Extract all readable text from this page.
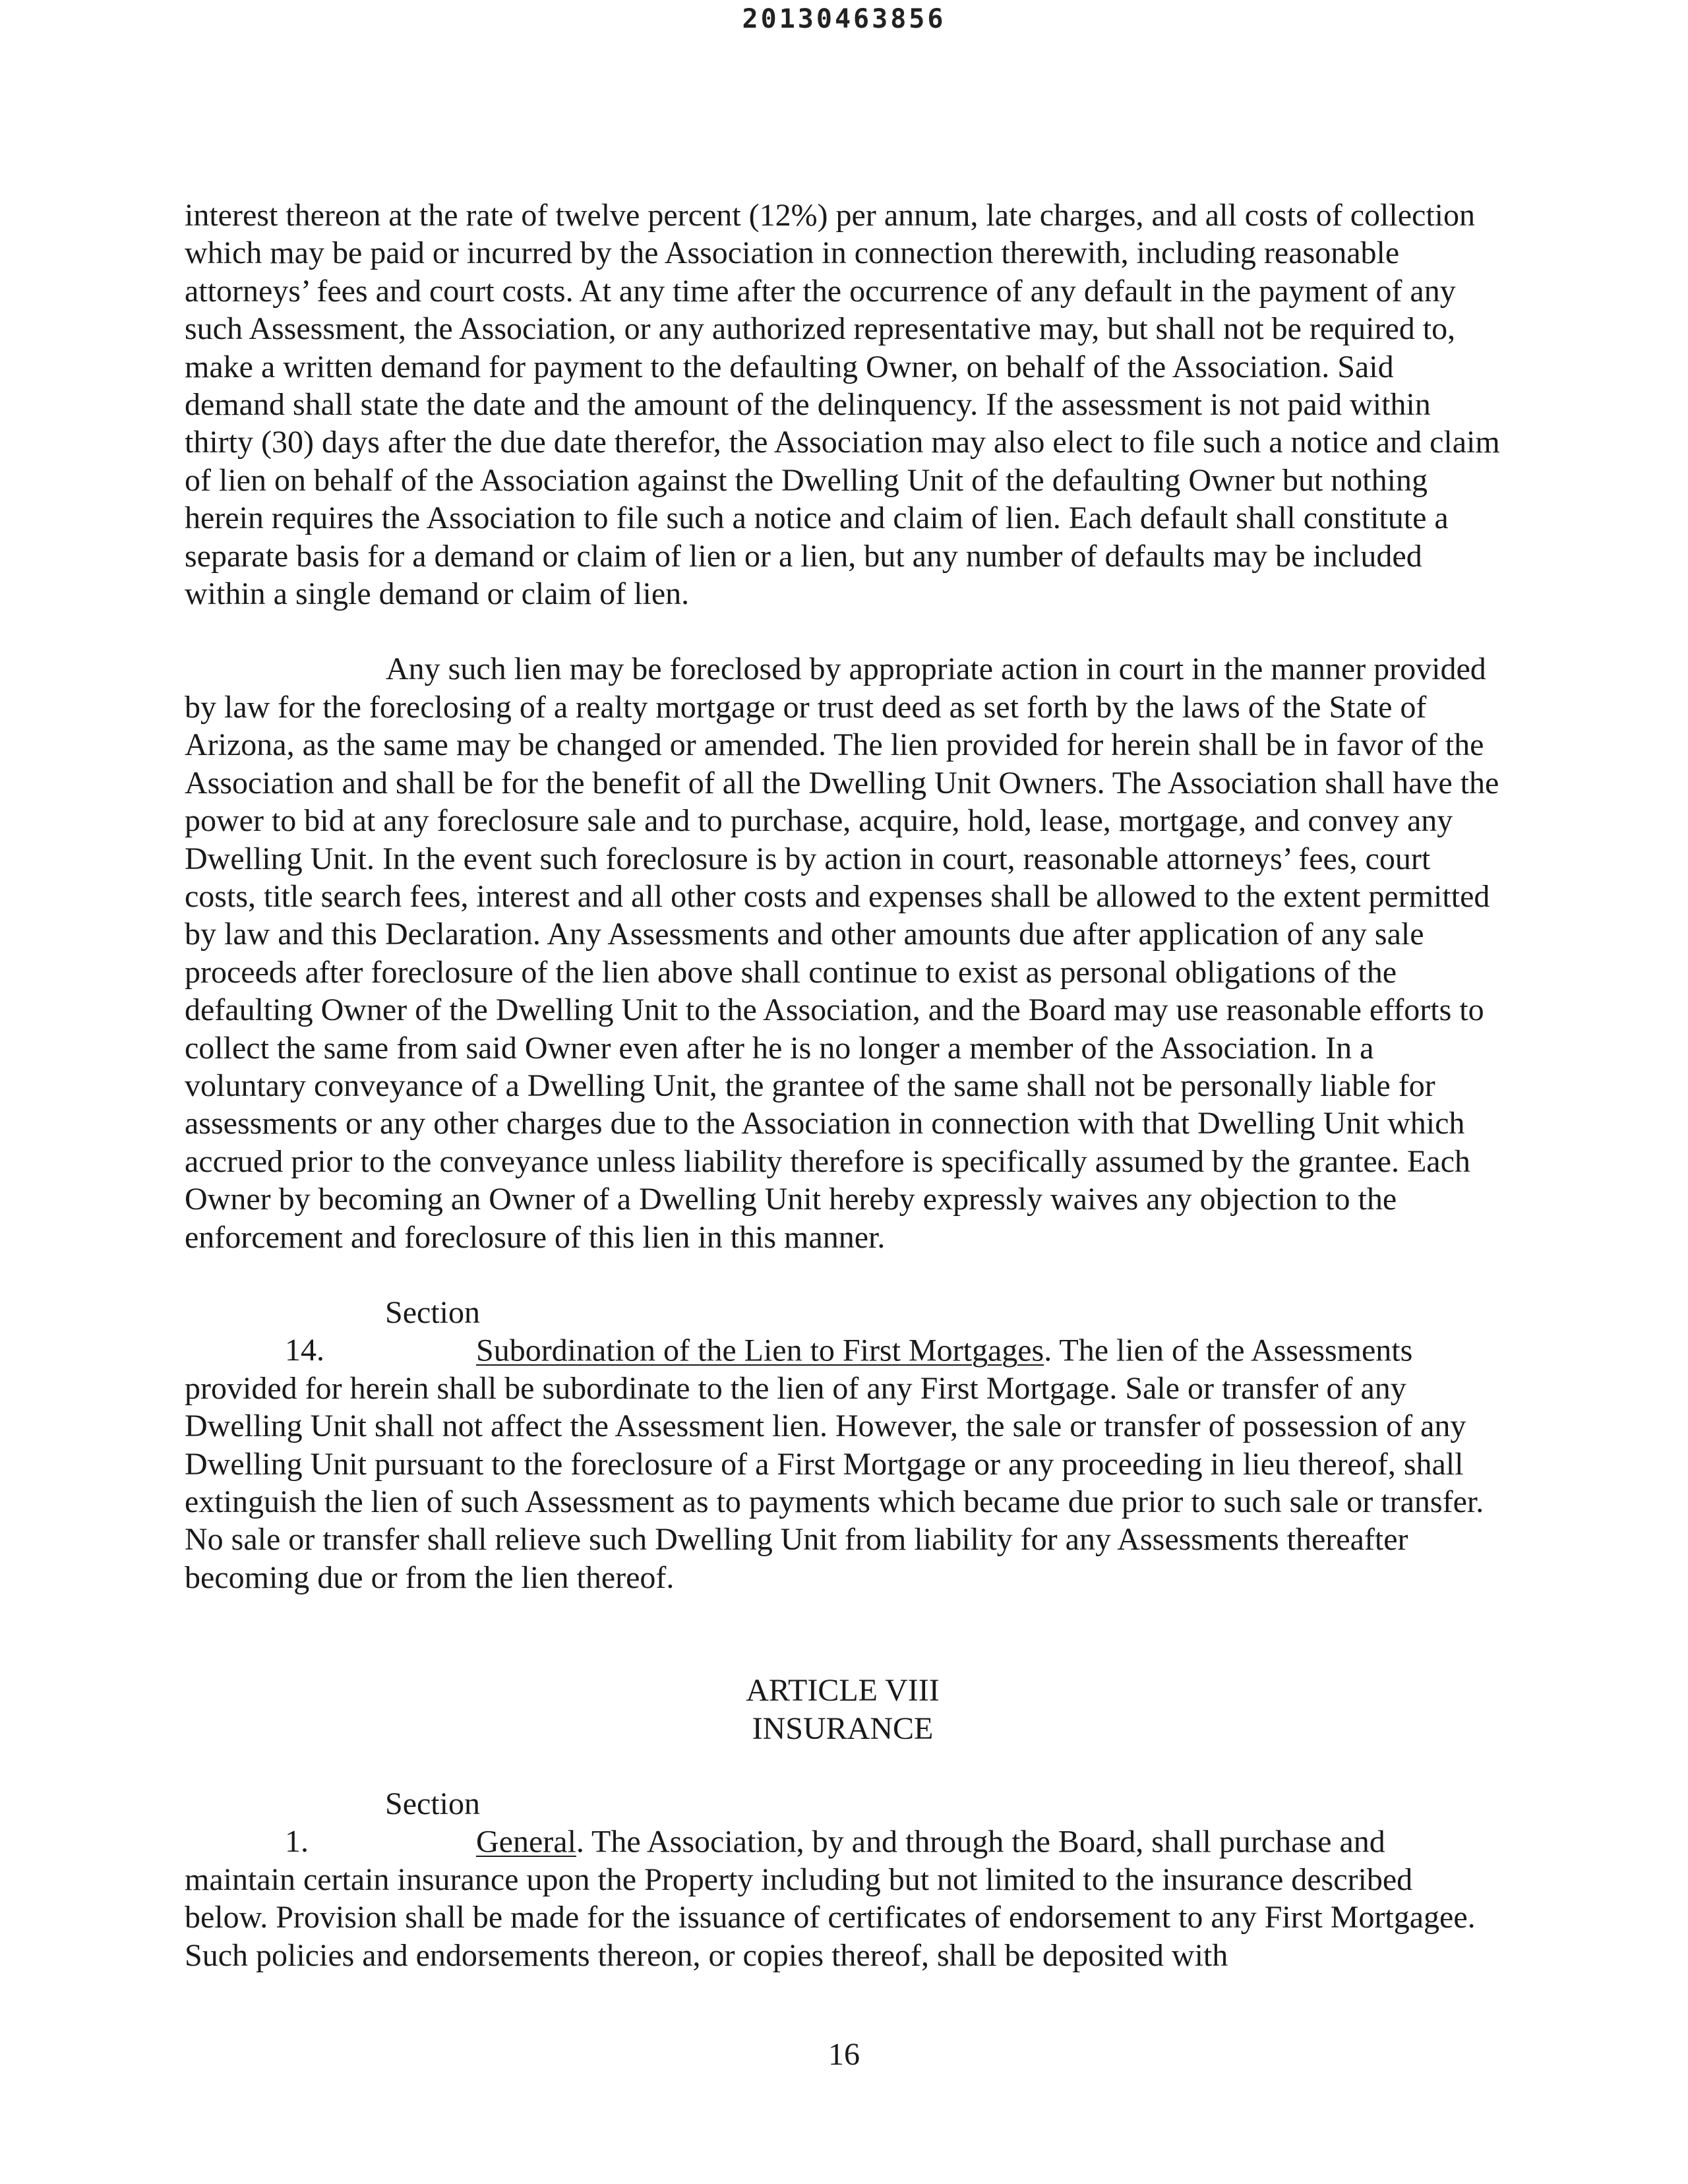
20130463856

interest thereon at the rate of twelve percent (12%) per annum, late charges, and all costs of collection which may be paid or incurred by the Association in connection therewith, including reasonable attorneys’ fees and court costs. At any time after the occurrence of any default in the payment of any such Assessment, the Association, or any authorized representative may, but shall not be required to, make a written demand for payment to the defaulting Owner, on behalf of the Association. Said demand shall state the date and the amount of the delinquency. If the assessment is not paid within thirty (30) days after the due date therefor, the Association may also elect to file such a notice and claim of lien on behalf of the Association against the Dwelling Unit of the defaulting Owner but nothing herein requires the Association to file such a notice and claim of lien. Each default shall constitute a separate basis for a demand or claim of lien or a lien, but any number of defaults may be included within a single demand or claim of lien.

Any such lien may be foreclosed by appropriate action in court in the manner provided by law for the foreclosing of a realty mortgage or trust deed as set forth by the laws of the State of Arizona, as the same may be changed or amended. The lien provided for herein shall be in favor of the Association and shall be for the benefit of all the Dwelling Unit Owners. The Association shall have the power to bid at any foreclosure sale and to purchase, acquire, hold, lease, mortgage, and convey any Dwelling Unit. In the event such foreclosure is by action in court, reasonable attorneys’ fees, court costs, title search fees, interest and all other costs and expenses shall be allowed to the extent permitted by law and this Declaration. Any Assessments and other amounts due after application of any sale proceeds after foreclosure of the lien above shall continue to exist as personal obligations of the defaulting Owner of the Dwelling Unit to the Association, and the Board may use reasonable efforts to collect the same from said Owner even after he is no longer a member of the Association. In a voluntary conveyance of a Dwelling Unit, the grantee of the same shall not be personally liable for assessments or any other charges due to the Association in connection with that Dwelling Unit which accrued prior to the conveyance unless liability therefore is specifically assumed by the grantee. Each Owner by becoming an Owner of a Dwelling Unit hereby expressly waives any objection to the enforcement and foreclosure of this lien in this manner.

Section 14.	Subordination of the Lien to First Mortgages. The lien of the Assessments provided for herein shall be subordinate to the lien of any First Mortgage. Sale or transfer of any Dwelling Unit shall not affect the Assessment lien. However, the sale or transfer of possession of any Dwelling Unit pursuant to the foreclosure of a First Mortgage or any proceeding in lieu thereof, shall extinguish the lien of such Assessment as to payments which became due prior to such sale or transfer. No sale or transfer shall relieve such Dwelling Unit from liability for any Assessments thereafter becoming due or from the lien thereof.

ARTICLE VIII
INSURANCE

Section 1.	General. The Association, by and through the Board, shall purchase and maintain certain insurance upon the Property including but not limited to the insurance described below. Provision shall be made for the issuance of certificates of endorsement to any First Mortgagee. Such policies and endorsements thereon, or copies thereof, shall be deposited with

16
